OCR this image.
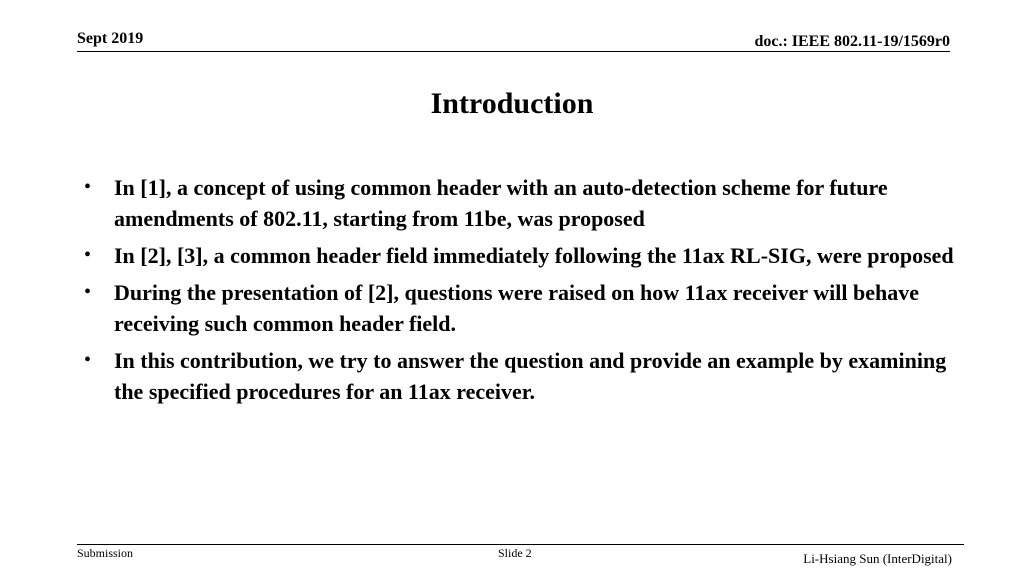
Sept 2019	doc.: IEEE 802.11-19/1569r0
Introduction
• In [1], a concept of using common header with an auto-detection scheme for future amendments of 802.11, starting from 11be, was proposed
• In [2], [3], a common header field immediately following the 11ax RL-SIG, were proposed
• During the presentation of [2], questions were raised on how 11ax receiver will behave receiving such common header field.
• In this contribution, we try to answer the question and provide an example by examining the specified procedures for an 11ax receiver.
Submission	Slide 2	Li-Hsiang Sun (InterDigital)
